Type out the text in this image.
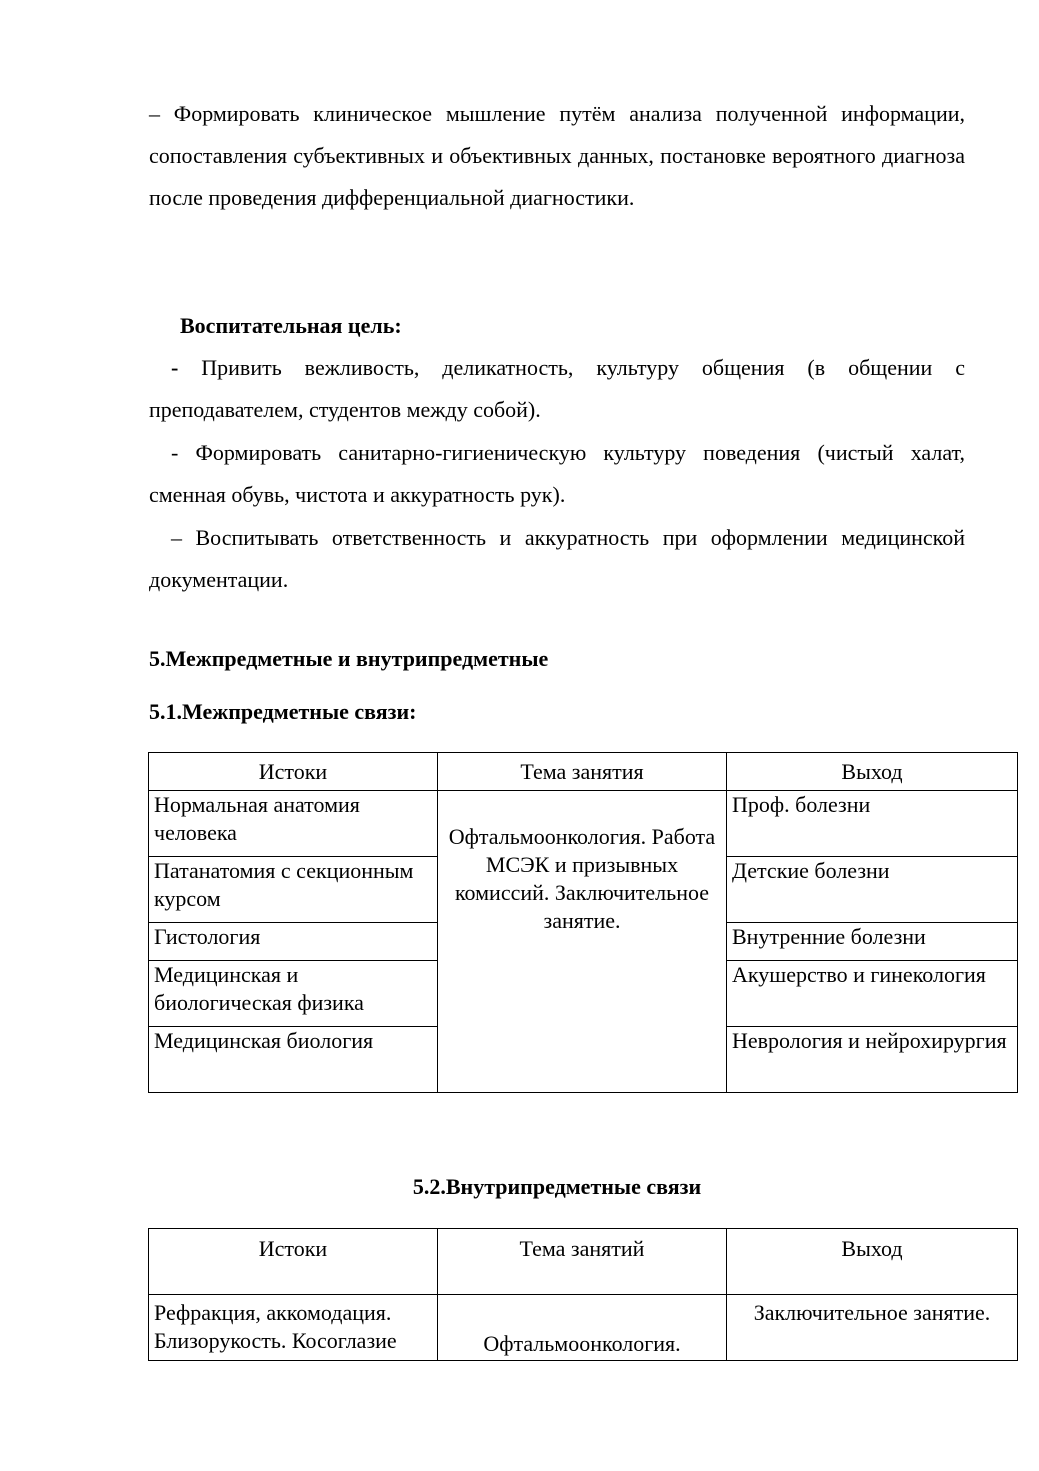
– Формировать клиническое мышление путём анализа полученной информации, сопоставления субъективных и объективных данных, постановке вероятного диагноза после проведения дифференциальной диагностики.

Воспитательная цель:

- Привить вежливость, деликатность, культуру общения (в общении с преподавателем, студентов между собой).

- Формировать санитарно-гигиеническую культуру поведения (чистый халат, сменная обувь, чистота и аккуратность рук).

– Воспитывать ответственность и аккуратность при оформлении медицинской документации.

5.Межпредметные и внутрипредметные

5.1.Межпредметные связи:

Истоки	Тема занятия	Выход
Нормальная анатомия человека	Офтальмоонкология. Работа МСЭК и призывных комиссий. Заключительное занятие.	Проф. болезни
Патанатомия с секционным курсом		Детские болезни
Гистология		Внутренние болезни
Медицинская и биологическая физика		Акушерство и гинекология
Медицинская биология		Неврология и нейрохирургия

5.2.Внутрипредметные связи

Истоки	Тема занятий	Выход
Рефракция, аккомодация. Близорукость. Косоглазие	Офтальмоонкология.	Заключительное занятие.
